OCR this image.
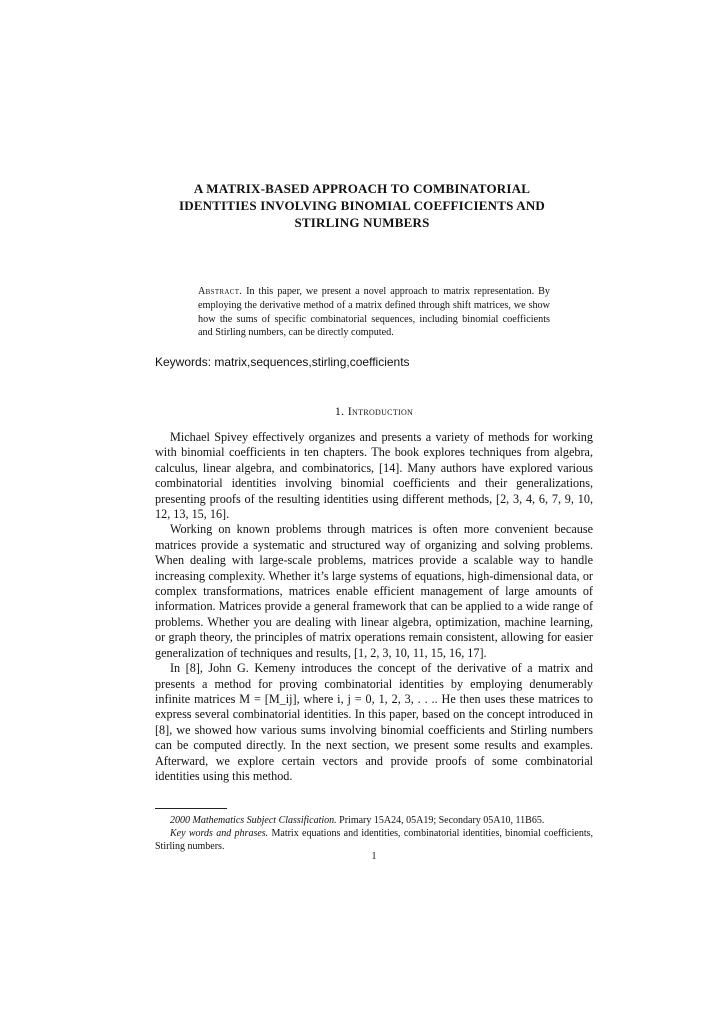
A MATRIX-BASED APPROACH TO COMBINATORIAL
IDENTITIES INVOLVING BINOMIAL COEFFICIENTS AND
STIRLING NUMBERS
Abstract. In this paper, we present a novel approach to matrix representation. By employing the derivative method of a matrix defined through shift matrices, we show how the sums of specific combinatorial sequences, including binomial coefficients and Stirling numbers, can be directly computed.
Keywords: matrix,sequences,stirling,coefficients
1. Introduction

Michael Spivey effectively organizes and presents a variety of methods for working with binomial coefficients in ten chapters. The book explores techniques from algebra, calculus, linear algebra, and combinatorics, [14]. Many authors have explored various combinatorial identities involving binomial coefficients and their generalizations, presenting proofs of the resulting identities using different methods, [2, 3, 4, 6, 7, 9, 10, 12, 13, 15, 16].

Working on known problems through matrices is often more convenient because matrices provide a systematic and structured way of organizing and solving problems. When dealing with large-scale problems, matrices provide a scalable way to handle increasing complexity. Whether it’s large systems of equations, high-dimensional data, or complex transformations, matrices enable efficient management of large amounts of information. Matrices provide a general framework that can be applied to a wide range of problems. Whether you are dealing with linear algebra, optimization, machine learning, or graph theory, the principles of matrix operations remain consistent, allowing for easier generalization of techniques and results, [1, 2, 3, 10, 11, 15, 16, 17].

In [8], John G. Kemeny introduces the concept of the derivative of a matrix and presents a method for proving combinatorial identities by employing denumerably infinite matrices M = [M_ij], where i, j = 0, 1, 2, 3, . . .. He then uses these matrices to express several combinatorial identities. In this paper, based on the concept introduced in [8], we showed how various sums involving binomial coefficients and Stirling numbers can be computed directly. In the next section, we present some results and examples. Afterward, we explore certain vectors and provide proofs of some combinatorial identities using this method.

2000 Mathematics Subject Classification. Primary 15A24, 05A19; Secondary 05A10, 11B65.

Key words and phrases. Matrix equations and identities, combinatorial identities, binomial coefficients, Stirling numbers.

1
